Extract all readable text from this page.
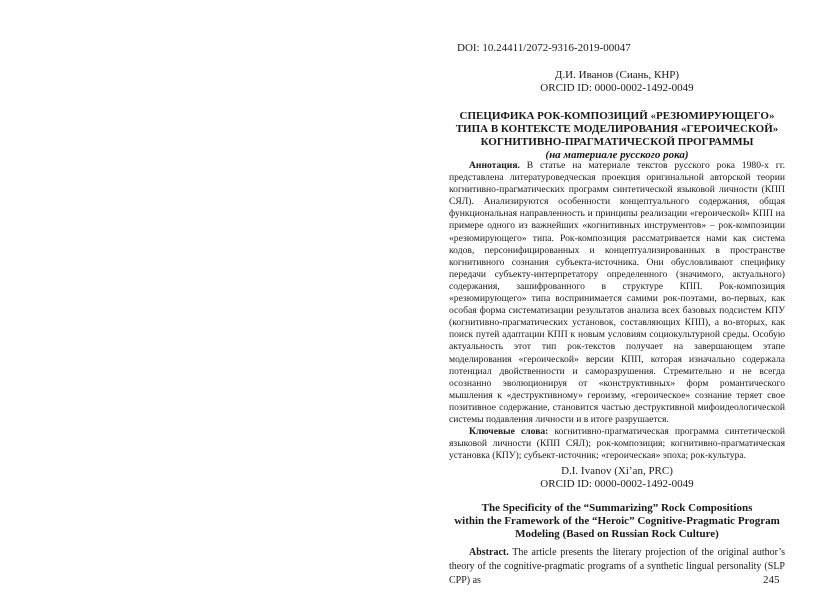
DOI: 10.24411/2072-9316-2019-00047
Д.И. Иванов (Сиань, КНР)
ORCID ID: 0000-0002-1492-0049
СПЕЦИФИКА РОК-КОМПОЗИЦИЙ «РЕЗЮМИРУЮЩЕГО»
ТИПА В КОНТЕКСТЕ МОДЕЛИРОВАНИЯ «ГЕРОИЧЕСКОЙ»
КОГНИТИВНО-ПРАГМАТИЧЕСКОЙ ПРОГРАММЫ
(на материале русского рока)

Аннотация. В статье на материале текстов русского рока 1980-х гг. представлена литературоведческая проекция оригинальной авторской теории когнитивно-прагматических программ синтетической языковой личности (КПП СЯЛ). Анализируются особенности концептуального содержания, общая функциональная направленность и принципы реализации «героической» КПП на примере одного из важнейших «когнитивных инструментов» – рок-композиции «резюмирующего» типа. Рок-композиция рассматривается нами как система кодов, персонифицированных и концептуализированных в пространстве когнитивного сознания субъекта-источника. Они обусловливают специфику передачи субъекту-интерпретатору определенного (значимого, актуального) содержания, зашифрованного в структуре КПП. Рок-композиция «резюмирующего» типа воспринимается самими рок-поэтами, во-первых, как особая форма систематизации результатов анализа всех базовых подсистем КПУ (когнитивно-прагматических установок, составляющих КПП), а во-вторых, как поиск путей адаптации КПП к новым условиям социокультурной среды. Особую актуальность этот тип рок-текстов получает на завершающем этапе моделирования «героической» версии КПП, которая изначально содержала потенциал двойственности и саморазрушения. Стремительно и не всегда осознанно эволюционируя от «конструктивных» форм романтического мышления к «деструктивному» героизму, «героическое» сознание теряет свое позитивное содержание, становится частью деструктивной мифоидеологической системы подавления личности и в итоге разрушается.

Ключевые слова: когнитивно-прагматическая программа синтетической языковой личности (КПП СЯЛ); рок-композиция; когнитивно-прагматическая установка (КПУ); субъект-источник; «героическая» эпоха; рок-культура.

D.I. Ivanov (Xi’an, PRC)
ORCID ID: 0000-0002-1492-0049
The Specificity of the “Summarizing” Rock Compositions
within the Framework of the “Heroic” Cognitive-Pragmatic Program
Modeling (Based on Russian Rock Culture)

Abstract. The article presents the literary projection of the original author’s theory of the cognitive-pragmatic programs of a synthetic lingual personality (SLP CPP) as	245
